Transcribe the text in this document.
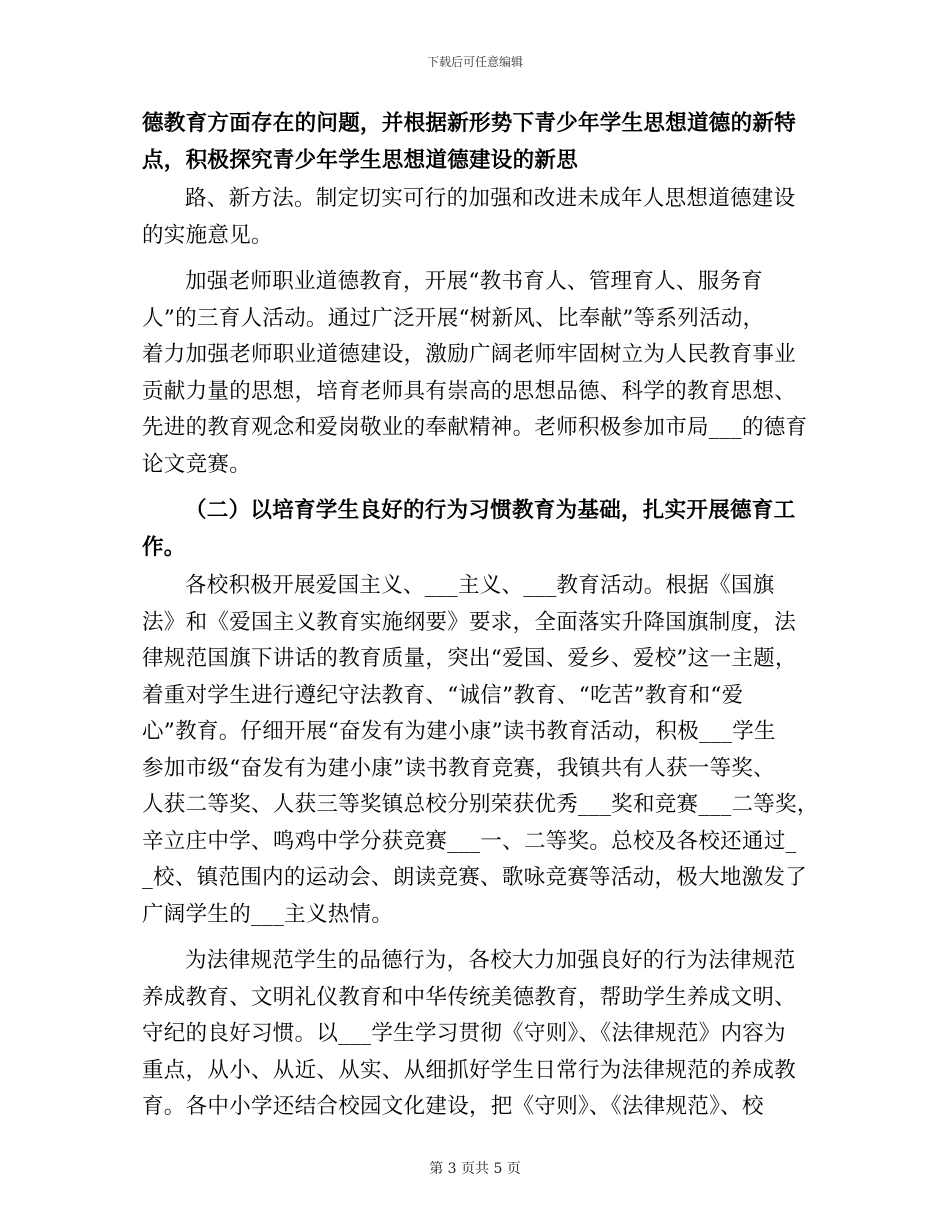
下载后可任意编辑
德教育方面存在的问题，并根据新形势下青少年学生思想道德的新特
点，积极探究青少年学生思想道德建设的新思
路、新方法。制定切实可行的加强和改进未成年人思想道德建设
的实施意见。
加强老师职业道德教育，开展“教书育人、管理育人、服务育
人”的三育人活动。通过广泛开展“树新风、比奉献”等系列活动，
着力加强老师职业道德建设，激励广阔老师牢固树立为人民教育事业
贡献力量的思想，培育老师具有崇高的思想品德、科学的教育思想、
先进的教育观念和爱岗敬业的奉献精神。老师积极参加市局___的德育
论文竞赛。
（二）以培育学生良好的行为习惯教育为基础，扎实开展德育工
作。
各校积极开展爱国主义、___主义、___教育活动。根据《国旗
法》和《爱国主义教育实施纲要》要求，全面落实升降国旗制度，法
律规范国旗下讲话的教育质量，突出“爱国、爱乡、爱校”这一主题，
着重对学生进行遵纪守法教育、“诚信”教育、“吃苦”教育和“爱
心”教育。仔细开展“奋发有为建小康”读书教育活动，积极___学生
参加市级“奋发有为建小康”读书教育竞赛，我镇共有人获一等奖、
人获二等奖、人获三等奖镇总校分别荣获优秀___奖和竞赛___二等奖，
辛立庄中学、鸣鸡中学分获竞赛___一、二等奖。总校及各校还通过_
_校、镇范围内的运动会、朗读竞赛、歌咏竞赛等活动，极大地激发了
广阔学生的___主义热情。
为法律规范学生的品德行为，各校大力加强良好的行为法律规范
养成教育、文明礼仪教育和中华传统美德教育，帮助学生养成文明、
守纪的良好习惯。以___学生学习贯彻《守则》、《法律规范》内容为
重点，从小、从近、从实、从细抓好学生日常行为法律规范的养成教
育。各中小学还结合校园文化建设，把《守则》、《法律规范》、校
第 3 页共 5 页
